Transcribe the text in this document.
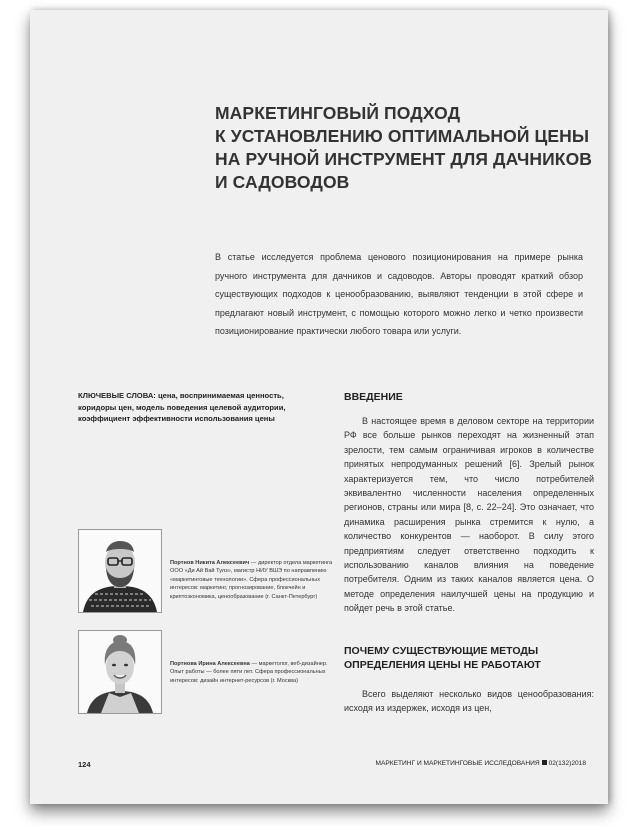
МАРКЕТИНГОВЫЙ ПОДХОД
К УСТАНОВЛЕНИЮ ОПТИМАЛЬНОЙ ЦЕНЫ
НА РУЧНОЙ ИНСТРУМЕНТ ДЛЯ ДАЧНИКОВ
И САДОВОДОВ

В статье исследуется проблема ценового позиционирования на примере рынка ручного инструмента для дачников и садоводов. Авторы проводят краткий обзор существующих подходов к ценообразованию, выявляют тенденции в этой сфере и предлагают новый инструмент, с помощью которого можно легко и четко произвести позиционирование практически любого товара или услуги.

КЛЮЧЕВЫЕ СЛОВА: цена, воспринимаемая ценность, коридоры цен, модель поведения целевой аудитории, коэффициент эффективности использования цены
Портнов Никита Алексеевич — директор отдела маркетинга ООО «Ди Ай Вай Тулз», магистр НИУ ВШЭ по направлению «маркетинговые технологии». Сфера профессиональных интересов: маркетинг, прогнозирование, блокчейн и криптоэкономика, ценообразование (г. Санкт-Петербург)
Портнова Ирина Алексеевна — маркетолог, веб-дизайнер. Опыт работы — более пяти лет. Сфера профессиональных интересов: дизайн интернет-ресурсов (г. Москва)
ВВЕДЕНИЕ

В настоящее время в деловом секторе на территории РФ все больше рынков переходят на жизненный этап зрелости, тем самым ограничивая игроков в количестве принятых непродуманных решений [6]. Зрелый рынок характеризуется тем, что число потребителей эквивалентно численности населения определенных регионов, страны или мира [8, с. 22–24]. Это означает, что динамика расширения рынка стремится к нулю, а количество конкурентов — наоборот. В силу этого предприятиям следует ответственно подходить к использованию каналов влияния на поведение потребителя. Одним из таких каналов является цена. О методе определения наилучшей цены на продукцию и пойдет речь в этой статье.

ПОЧЕМУ СУЩЕСТВУЮЩИЕ МЕТОДЫ ОПРЕДЕЛЕНИЯ ЦЕНЫ НЕ РАБОТАЮТ

Всего выделяют несколько видов ценообразования: исходя из издержек, исходя из цен,

124	МАРКЕТИНГ И МАРКЕТИНГОВЫЕ ИССЛЕДОВАНИЯ 02(132)2018
